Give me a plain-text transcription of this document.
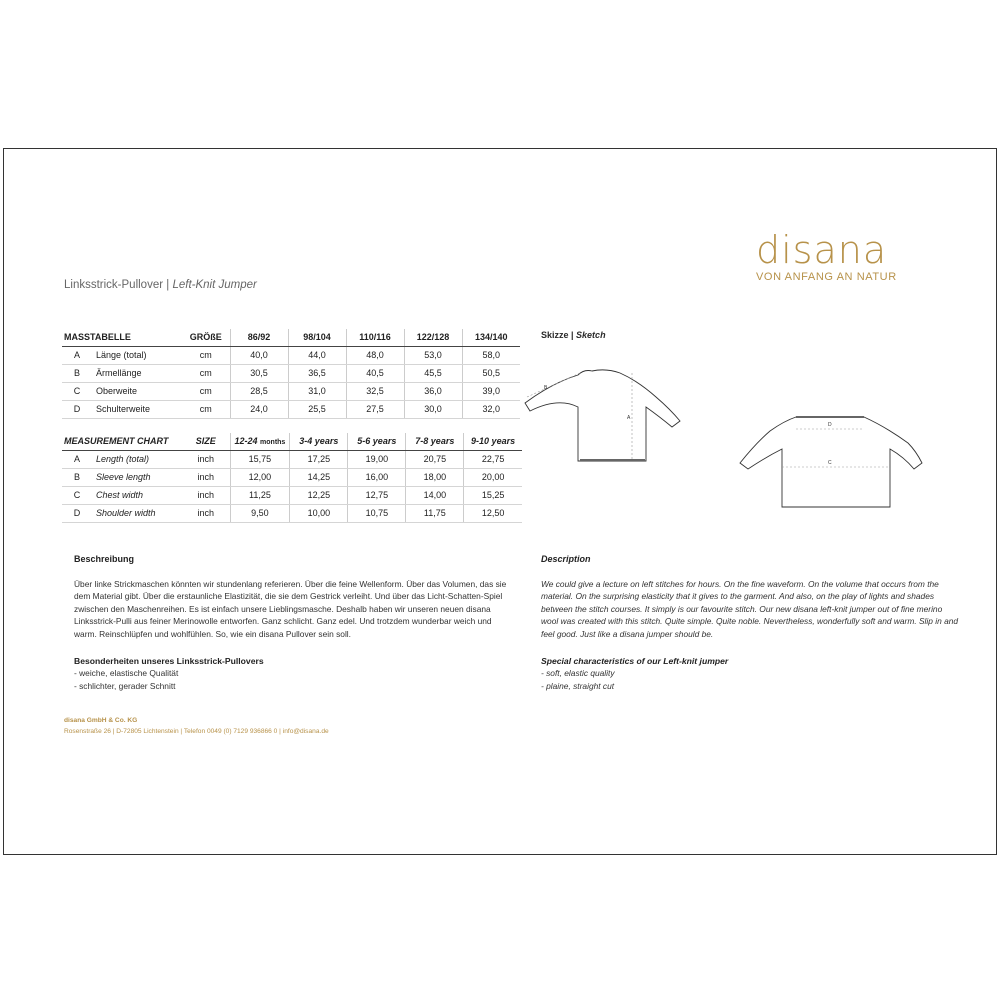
disana
VON ANFANG AN NATUR
Linksstrick-Pullover | Left-Knit Jumper
MASSTABELLE		GRÖßE	86/92	98/104	110/116	122/128	134/140
A	Länge (total)	cm	40,0	44,0	48,0	53,0	58,0
B	Ärmellänge	cm	30,5	36,5	40,5	45,5	50,5
C	Oberweite	cm	28,5	31,0	32,5	36,0	39,0
D	Schulterweite	cm	24,0	25,5	27,5	30,0	32,0
MEASUREMENT CHART		SIZE	12-24 months	3-4 years	5-6 years	7-8 years	9-10 years
A	Length (total)	inch	15,75	17,25	19,00	20,75	22,75
B	Sleeve length	inch	12,00	14,25	16,00	18,00	20,00
C	Chest width	inch	11,25	12,25	12,75	14,00	15,25
D	Shoulder width	inch	9,50	10,00	10,75	11,75	12,50
Skizze | Sketch
A
B
D
C
Beschreibung

Über linke Strickmaschen könnten wir stundenlang referieren. Über die feine Wellenform. Über das Volumen, das sie dem Material gibt. Über die erstaunliche Elastizität, die sie dem Gestrick verleiht. Und über das Licht-Schatten-Spiel zwischen den Maschenreihen. Es ist einfach unsere Lieblingsmasche. Deshalb haben wir unseren neuen disana Linksstrick-Pulli aus feiner Merinowolle entworfen. Ganz schlicht. Ganz edel. Und trotzdem wunderbar weich und warm. Reinschlüpfen und wohlfühlen. So, wie ein disana Pullover sein soll.

Besonderheiten unseres Linksstrick-Pullovers
- weiche, elastische Qualität
- schlichter, gerader Schnitt
Description

We could give a lecture on left stitches for hours. On the fine waveform. On the volume that occurs from the material. On the surprising elasticity that it gives to the garment. And also, on the play of lights and shades between the stitch courses. It simply is our favourite stitch. Our new disana left-knit jumper out of fine merino wool was created with this stitch. Quite simple. Quite noble. Nevertheless, wonderfully soft and warm. Slip in and feel good. Just like a disana jumper should be.

Special characteristics of our Left-knit jumper
- soft, elastic quality
- plaine, straight cut
disana GmbH & Co. KG
Rosenstraße 26 | D-72805 Lichtenstein | Telefon 0049 (0) 7129 936866 0 | info@disana.de
